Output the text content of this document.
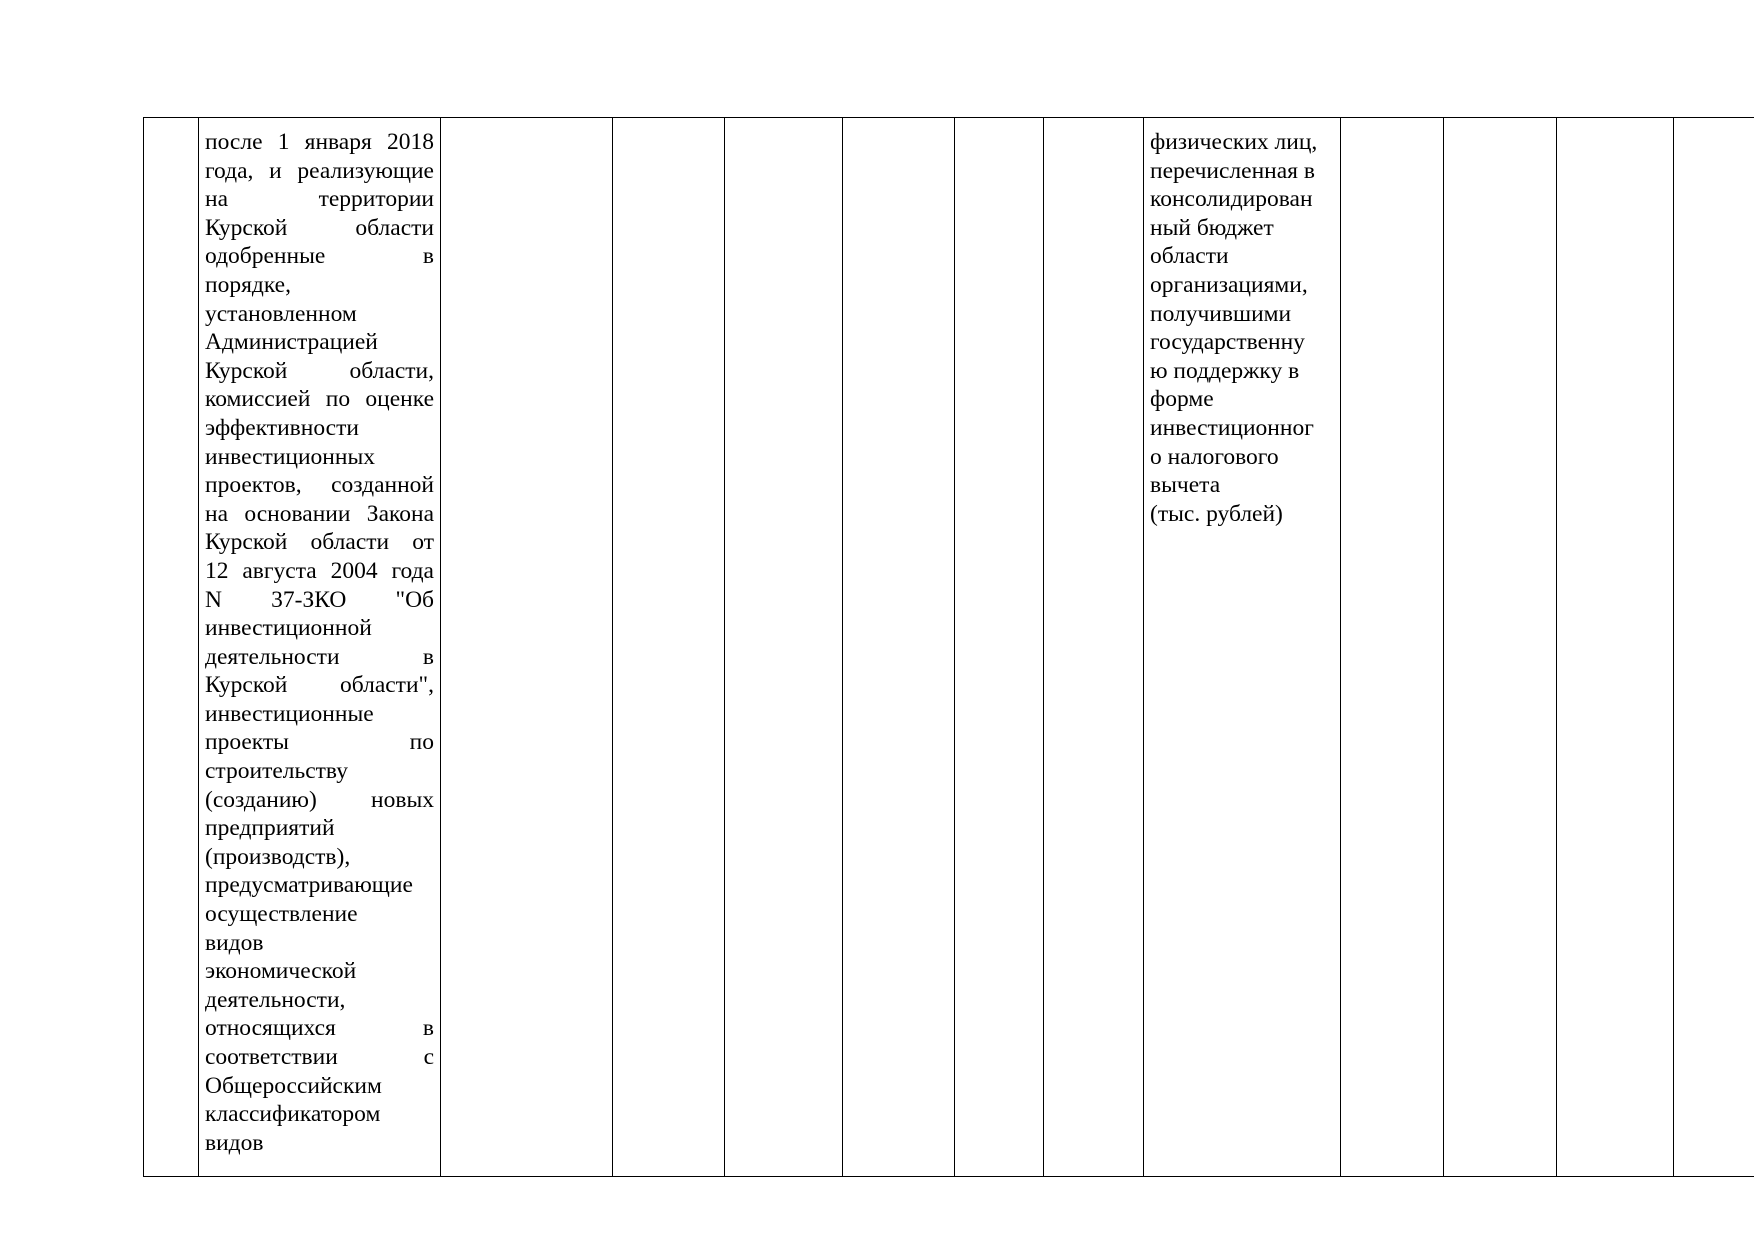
после 1 января 2018
года, и реализующие
на территории
Курской области
одобренные в
порядке,
установленном
Администрацией
Курской области,
комиссией по оценке
эффективности
инвестиционных
проектов, созданной
на основании Закона
Курской области от
12 августа 2004 года
N 37-ЗКО "Об
инвестиционной
деятельности в
Курской области",
инвестиционные
проекты по
строительству
(созданию) новых
предприятий
(производств),
предусматривающие
осуществление
видов
экономической
деятельности,
относящихся в
соответствии с
Общероссийским
классификатором
видов
физических лиц,
перечисленная в
консолидирован
ный бюджет
области
организациями,
получившими
государственну
ю поддержку в
форме
инвестиционног
о налогового
вычета
(тыс. рублей)
